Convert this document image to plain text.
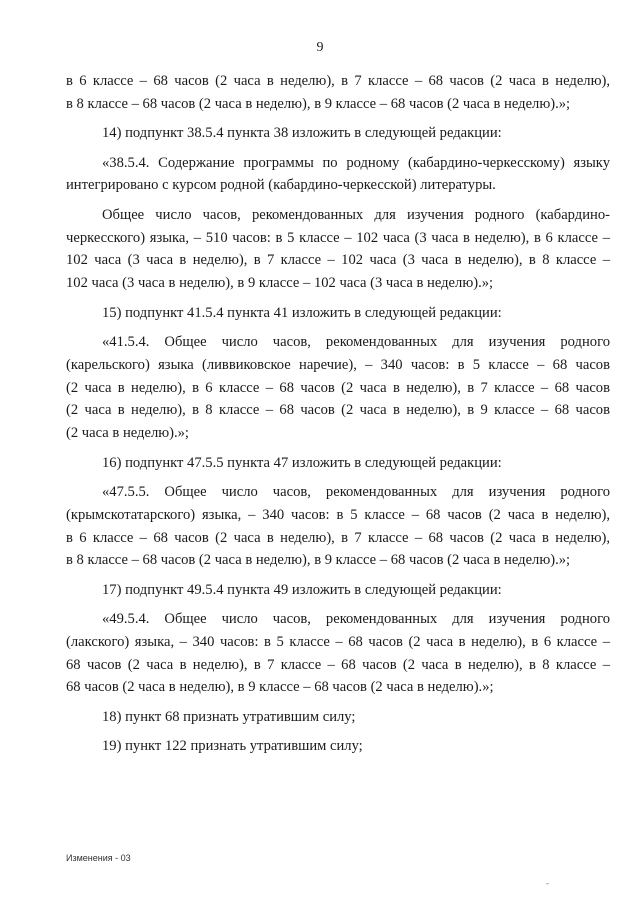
9
в 6 классе – 68 часов (2 часа в неделю), в 7 классе – 68 часов (2 часа в неделю),
в 8 классе – 68 часов (2 часа в неделю), в 9 классе – 68 часов (2 часа в неделю).»;
14) подпункт 38.5.4 пункта 38 изложить в следующей редакции:
«38.5.4. Содержание программы по родному (кабардино-черкесскому) языку
интегрировано с курсом родной (кабардино-черкесской) литературы.
Общее число часов, рекомендованных для изучения родного (кабардино-
черкесского) языка, – 510 часов: в 5 классе – 102 часа (3 часа в неделю), в 6 классе –
102 часа (3 часа в неделю), в 7 классе – 102 часа (3 часа в неделю), в 8 классе –
102 часа (3 часа в неделю), в 9 классе – 102 часа (3 часа в неделю).»;
15) подпункт 41.5.4 пункта 41 изложить в следующей редакции:
«41.5.4. Общее число часов, рекомендованных для изучения родного
(карельского) языка (ливвиковское наречие), – 340 часов: в 5 классе – 68 часов
(2 часа в неделю), в 6 классе – 68 часов (2 часа в неделю), в 7 классе – 68 часов
(2 часа в неделю), в 8 классе – 68 часов (2 часа в неделю), в 9 классе – 68 часов
(2 часа в неделю).»;
16) подпункт 47.5.5 пункта 47 изложить в следующей редакции:
«47.5.5. Общее число часов, рекомендованных для изучения родного
(крымскотатарского) языка, – 340 часов: в 5 классе – 68 часов (2 часа в неделю),
в 6 классе – 68 часов (2 часа в неделю), в 7 классе – 68 часов (2 часа в неделю),
в 8 классе – 68 часов (2 часа в неделю), в 9 классе – 68 часов (2 часа в неделю).»;
17) подпункт 49.5.4 пункта 49 изложить в следующей редакции:
«49.5.4. Общее число часов, рекомендованных для изучения родного
(лакского) языка, – 340 часов: в 5 классе – 68 часов (2 часа в неделю), в 6 классе –
68 часов (2 часа в неделю), в 7 классе – 68 часов (2 часа в неделю), в 8 классе –
68 часов (2 часа в неделю), в 9 классе – 68 часов (2 часа в неделю).»;
18) пункт 68 признать утратившим силу;
19) пункт 122 признать утратившим силу;
Изменения - 03
-
